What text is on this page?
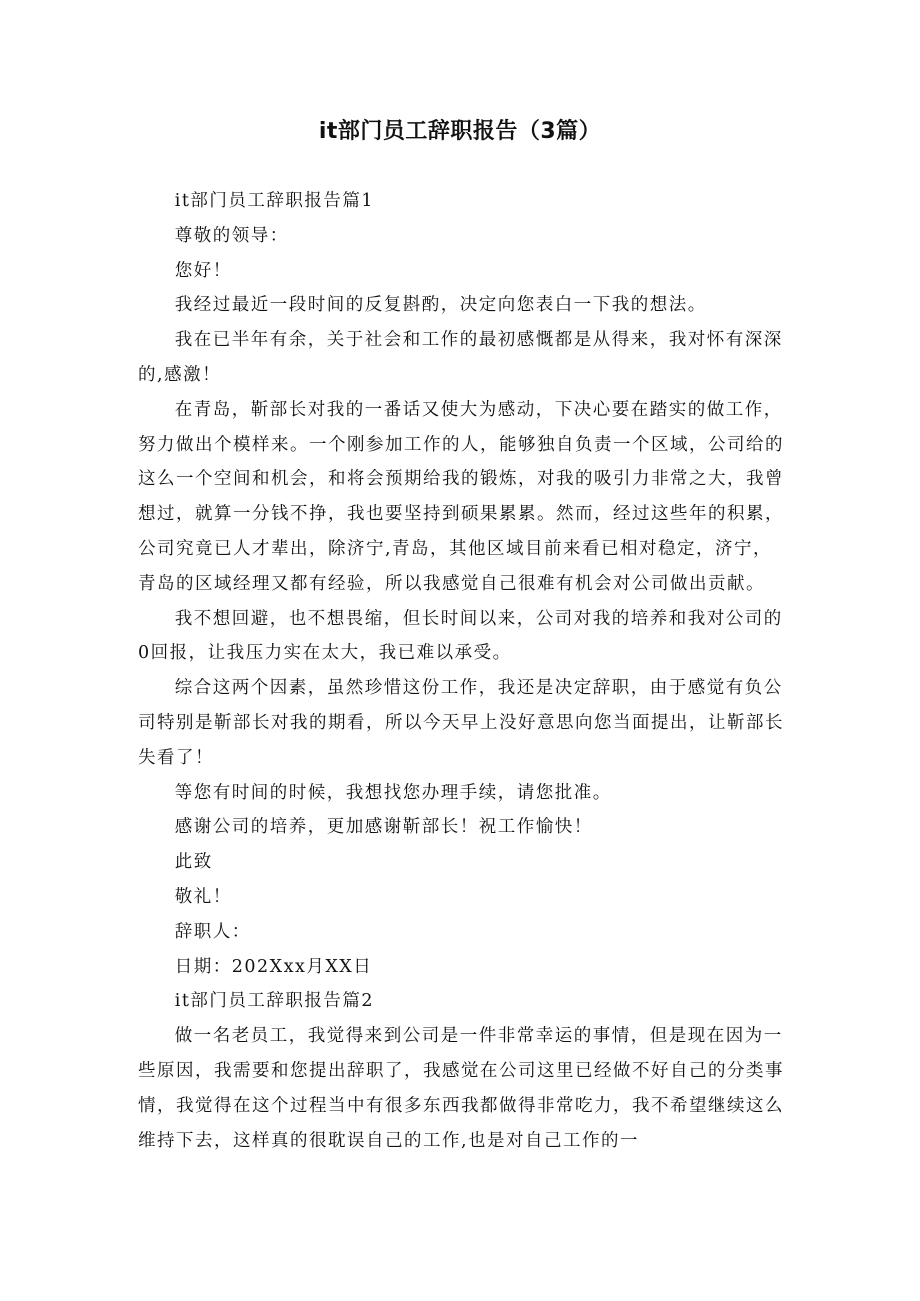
it部门员工辞职报告（3篇）

it部门员工辞职报告篇1

尊敬的领导：

您好！

我经过最近一段时间的反复斟酌，决定向您表白一下我的想法。

我在已半年有余，关于社会和工作的最初感慨都是从得来，我对怀有深深的,感激！

在青岛，靳部长对我的一番话又使大为感动，下决心要在踏实的做工作，努力做出个模样来。一个刚参加工作的人，能够独自负责一个区域，公司给的这么一个空间和机会，和将会预期给我的锻炼，对我的吸引力非常之大，我曾想过，就算一分钱不挣，我也要坚持到硕果累累。然而，经过这些年的积累，公司究竟已人才辈出，除济宁,青岛，其他区域目前来看已相对稳定，济宁，青岛的区域经理又都有经验，所以我感觉自己很难有机会对公司做出贡献。

我不想回避，也不想畏缩，但长时间以来，公司对我的培养和我对公司的0回报，让我压力实在太大，我已难以承受。

综合这两个因素，虽然珍惜这份工作，我还是决定辞职，由于感觉有负公司特别是靳部长对我的期看，所以今天早上没好意思向您当面提出，让靳部长失看了！

等您有时间的时候，我想找您办理手续，请您批准。

感谢公司的培养，更加感谢靳部长！祝工作愉快！

此致

敬礼！

辞职人：

日期：202Xxx月XX日

it部门员工辞职报告篇2

做一名老员工，我觉得来到公司是一件非常幸运的事情，但是现在因为一些原因，我需要和您提出辞职了，我感觉在公司这里已经做不好自己的分类事情，我觉得在这个过程当中有很多东西我都做得非常吃力，我不希望继续这么维持下去，这样真的很耽误自己的工作,也是对自己工作的一
